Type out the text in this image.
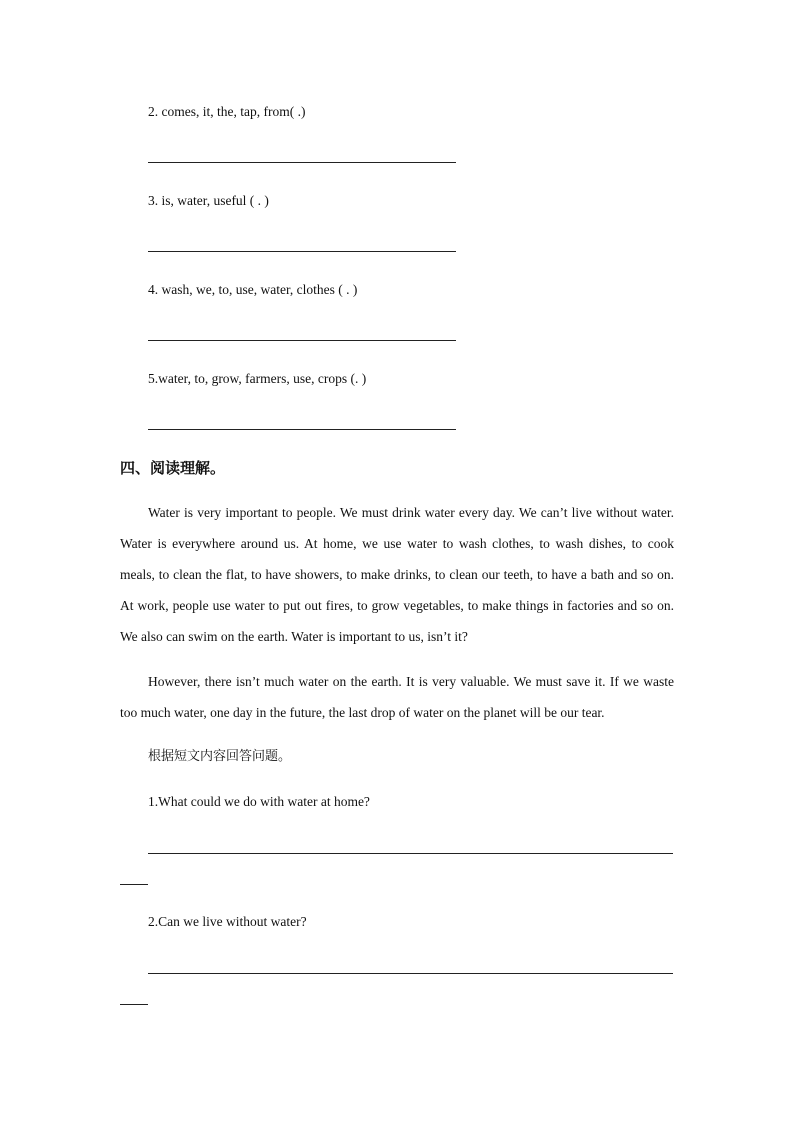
2. comes, it, the, tap, from( .)
3. is, water, useful ( . )
4. wash, we, to, use, water, clothes ( . )
5.water, to, grow, farmers, use, crops (. )
四、阅读理解。

Water is very important to people. We must drink water every day. We can’t live without water. Water is everywhere around us. At home, we use water to wash clothes, to wash dishes, to cook meals, to clean the flat, to have showers, to make drinks, to clean our teeth, to have a bath and so on. At work, people use water to put out fires, to grow vegetables, to make things in factories and so on. We also can swim on the earth. Water is important to us, isn’t it?

However, there isn’t much water on the earth. It is very valuable. We must save it. If we waste too much water, one day in the future, the last drop of water on the planet will be our tear.

根据短文内容回答问题。
1.What could we do with water at home?
2.Can we live without water?
